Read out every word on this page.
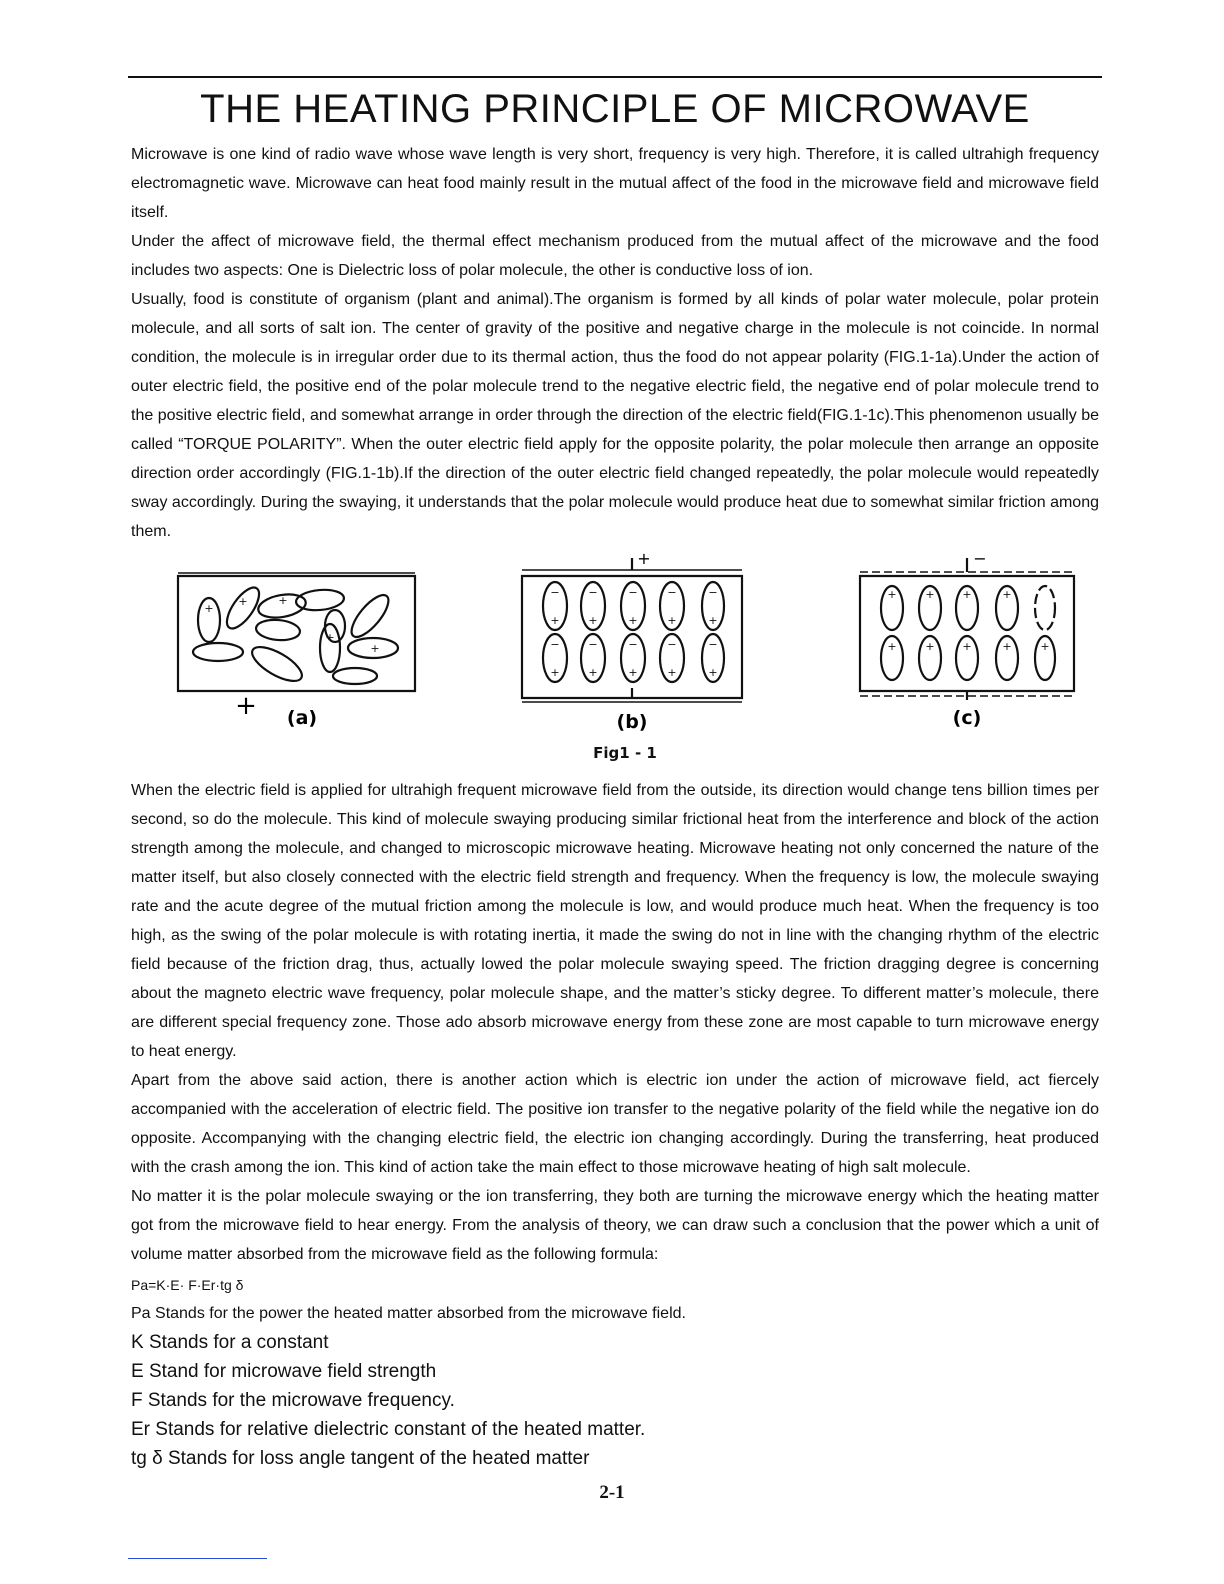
THE HEATING PRINCIPLE OF MICROWAVE

Microwave is one kind of radio wave whose wave length is very short, frequency is very high. Therefore, it is called ultrahigh frequency electromagnetic wave. Microwave can heat food mainly result in the mutual affect of the food in the microwave field and microwave field itself.

Under the affect of microwave field, the thermal effect mechanism produced from the mutual affect of the microwave and the food includes two aspects: One is Dielectric loss of polar molecule, the other is conductive loss of ion.

Usually, food is constitute of organism (plant and animal).The organism is formed by all kinds of polar water molecule, polar protein molecule, and all sorts of salt ion. The center of gravity of the positive and negative charge in the molecule is not coincide. In normal condition, the molecule is in irregular order due to its thermal action, thus the food do not appear polarity (FIG.1-1a).Under the action of outer electric field, the positive end of the polar molecule trend to the negative electric field, the negative end of polar molecule trend to the positive electric field, and somewhat arrange in order through the direction of the electric field(FIG.1-1c).This phenomenon usually be called “TORQUE POLARITY”. When the outer electric field apply for the opposite polarity, the polar molecule then arrange an opposite direction order accordingly (FIG.1-1b).If the direction of the outer electric field changed repeatedly, the polar molecule would repeatedly sway accordingly. During the swaying, it understands that the polar molecule would produce heat due to somewhat similar friction among them.

−
+
−
+
−
+
−
+
−
+
−
+
−
+
−
+
−
+
−
+
+	+	+	+
+	+	+	+	+
+
+	+
+
+
+
+	−
(a)	(b)	(c)
Fig1 - 1

When the electric field is applied for ultrahigh frequent microwave field from the outside, its direction would change tens billion times per second, so do the molecule. This kind of molecule swaying producing similar frictional heat from the interference and block of the action strength among the molecule, and changed to microscopic microwave heating. Microwave heating not only concerned the nature of the matter itself, but also closely connected with the electric field strength and frequency. When the frequency is low, the molecule swaying rate and the acute degree of the mutual friction among the molecule is low, and would produce much heat. When the frequency is too high, as the swing of the polar molecule is with rotating inertia, it made the swing do not in line with the changing rhythm of the electric field because of the friction drag, thus, actually lowed the polar molecule swaying speed. The friction dragging degree is concerning about the magneto electric wave frequency, polar molecule shape, and the matter’s sticky degree. To different matter’s molecule, there are different special frequency zone. Those ado absorb microwave energy from these zone are most capable to turn microwave energy to heat energy.

Apart from the above said action, there is another action which is electric ion under the action of microwave field, act fiercely accompanied with the acceleration of electric field. The positive ion transfer to the negative polarity of the field while the negative ion do opposite. Accompanying with the changing electric field, the electric ion changing accordingly. During the transferring, heat produced with the crash among the ion. This kind of action take the main effect to those microwave heating of high salt molecule.

No matter it is the polar molecule swaying or the ion transferring, they both are turning the microwave energy which the heating matter got from the microwave field to hear energy. From the analysis of theory, we can draw such a conclusion that the power which a unit of volume matter absorbed from the microwave field as the following formula:

Pa=K·E· F·Er·tg δ

Pa Stands for the power the heated matter absorbed from the microwave field.

K Stands for a constant

E Stand for microwave field strength

F Stands for the microwave frequency.

Er Stands for relative dielectric constant of the heated matter.

tg δ Stands for loss angle tangent of the heated matter

2-1
